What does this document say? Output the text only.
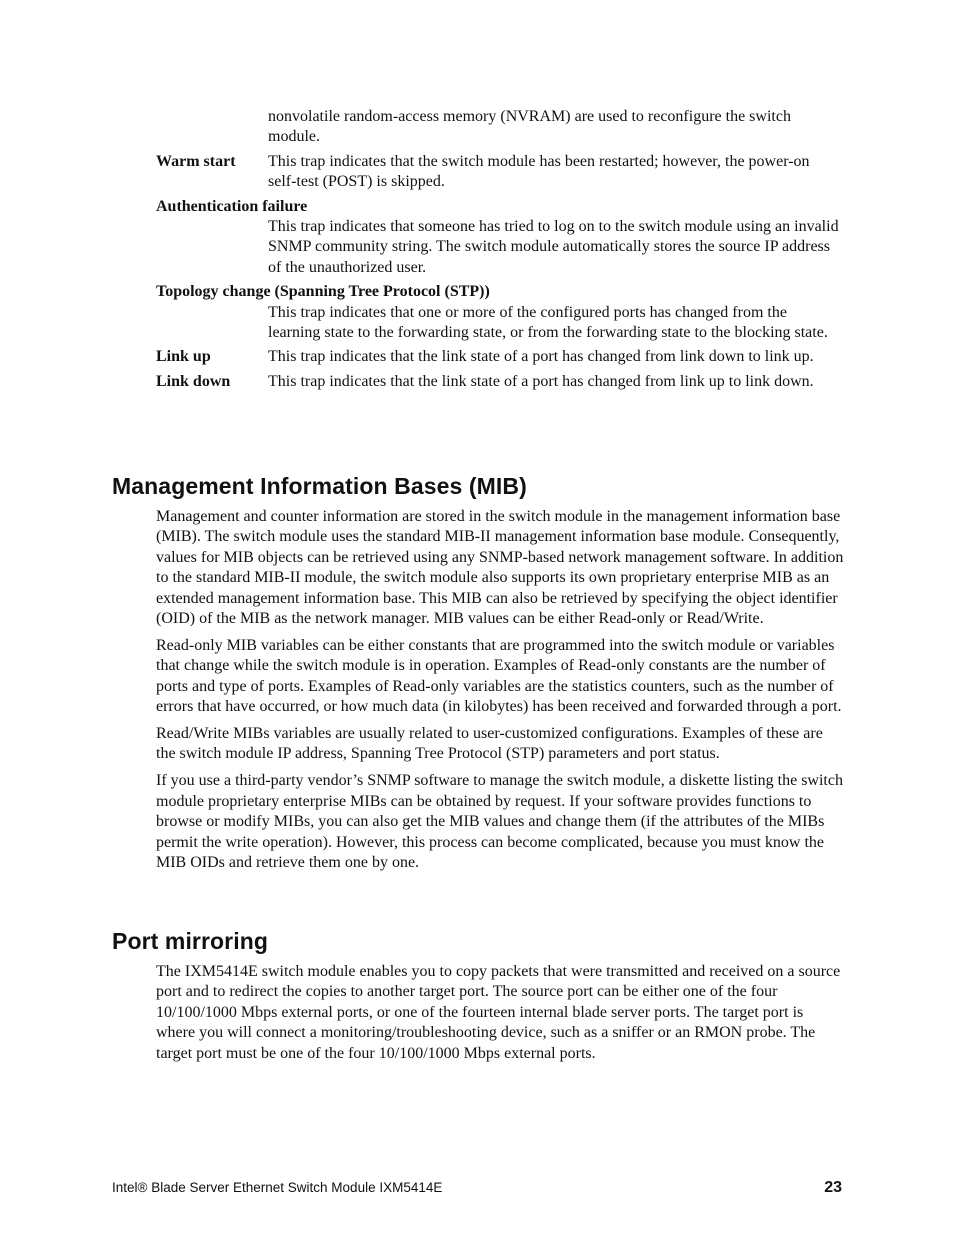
nonvolatile random-access memory (NVRAM) are used to reconfigure the switch module.
Warm start	This trap indicates that the switch module has been restarted; however, the power-on self-test (POST) is skipped.
Authentication failure
This trap indicates that someone has tried to log on to the switch module using an invalid SNMP community string. The switch module automatically stores the source IP address of the unauthorized user.
Topology change (Spanning Tree Protocol (STP))
This trap indicates that one or more of the configured ports has changed from the learning state to the forwarding state, or from the forwarding state to the blocking state.
Link up	This trap indicates that the link state of a port has changed from link down to link up.
Link down	This trap indicates that the link state of a port has changed from link up to link down.
Management Information Bases (MIB)

Management and counter information are stored in the switch module in the management information base (MIB). The switch module uses the standard MIB-II management information base module. Consequently, values for MIB objects can be retrieved using any SNMP-based network management software. In addition to the standard MIB-II module, the switch module also supports its own proprietary enterprise MIB as an extended management information base. This MIB can also be retrieved by specifying the object identifier (OID) of the MIB as the network manager. MIB values can be either Read-only or Read/Write.

Read-only MIB variables can be either constants that are programmed into the switch module or variables that change while the switch module is in operation. Examples of Read-only constants are the number of ports and type of ports. Examples of Read-only variables are the statistics counters, such as the number of errors that have occurred, or how much data (in kilobytes) has been received and forwarded through a port.

Read/Write MIBs variables are usually related to user-customized configurations. Examples of these are the switch module IP address, Spanning Tree Protocol (STP) parameters and port status.

If you use a third-party vendor’s SNMP software to manage the switch module, a diskette listing the switch module proprietary enterprise MIBs can be obtained by request. If your software provides functions to browse or modify MIBs, you can also get the MIB values and change them (if the attributes of the MIBs permit the write operation). However, this process can become complicated, because you must know the MIB OIDs and retrieve them one by one.

Port mirroring

The IXM5414E switch module enables you to copy packets that were transmitted and received on a source port and to redirect the copies to another target port. The source port can be either one of the four 10/100/1000 Mbps external ports, or one of the fourteen internal blade server ports. The target port is where you will connect a monitoring/troubleshooting device, such as a sniffer or an RMON probe. The target port must be one of the four 10/100/1000 Mbps external ports.

Intel® Blade Server Ethernet Switch Module IXM5414E	23
